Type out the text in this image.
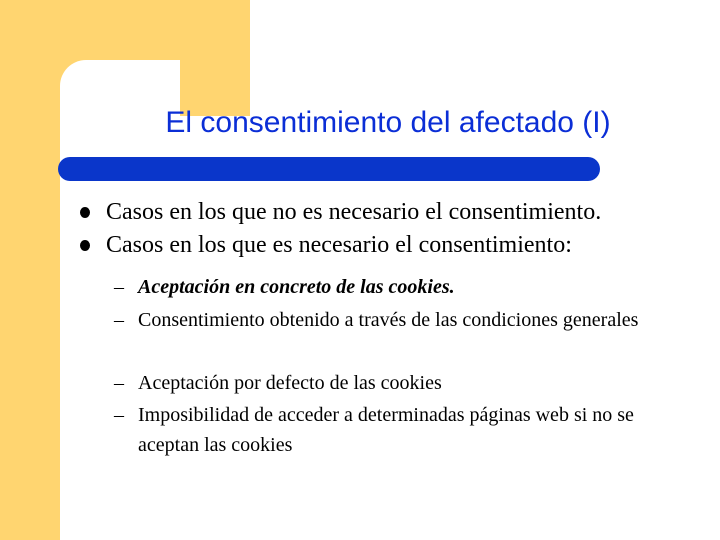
El consentimiento del afectado (I)
Casos en los que no es necesario el consentimiento.
Casos en los que es necesario el consentimiento:
– Aceptación en concreto de las cookies.
– Consentimiento obtenido a través de las condiciones generales
– Aceptación por defecto de las cookies
– Imposibilidad de acceder a determinadas páginas web si no se aceptan las cookies
